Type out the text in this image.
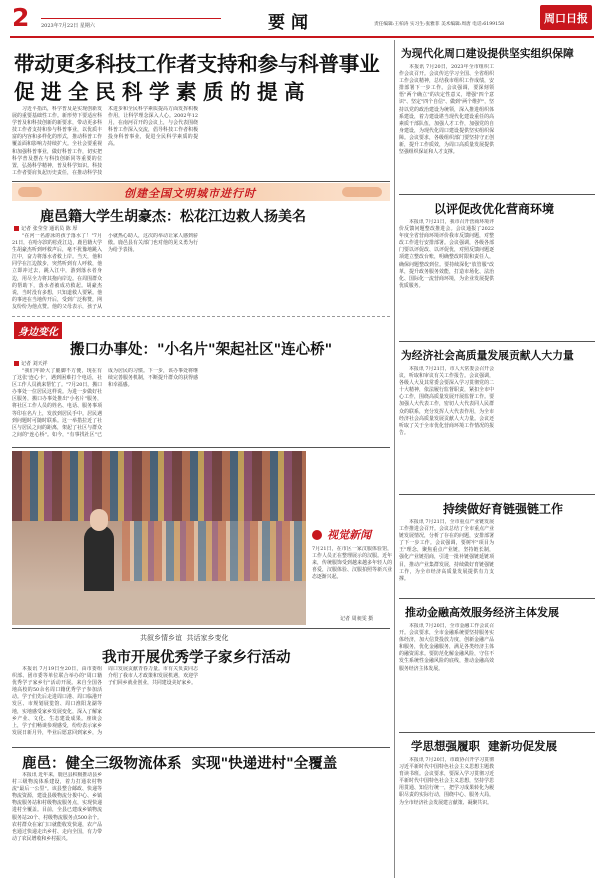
2 2023年7月22日 星期六	要闻	责任编辑:王柏涛 实习生:张雅菲 美术编辑:周唐 电话:6199158	周口日报
带动更多科技工作者支持和参与科普事业
促进全民科学素质的提高

习近平指出，科学普及是实现创新发展的重要基础性工作。新形势下要适应科学普及和科技创新的新要求，带动更多科技工作者支持和参与科普事业，以优质丰富的内容和多样化的形式，推动科普工作覆盖面和影响力持续扩大。全社会要重视和加强科普事业，做好科普工作，切实把科学普及摆在与科技创新同等重要的位置，弘扬科学精神，普及科学知识。科技工作者要肩负起历史责任，在推动科学技术进步和全民科学素质提高方面发挥积极作用，让科学理念深入人心。2002年12月，在南河召开的会议上，与会代表围绕科普工作深入交流，倡导科技工作者积极投身科普事业，促进全民科学素质的提高。

创建全国文明城市进行时
鹿邑籍大学生胡豪杰：松花江边救人扬美名
记者 张莹莹 通讯员 陈 厚

"在河一名游泳的孩子落水了！"7月21日，在哈尔滨的松花江边，鹿邑籍大学生胡豪杰听到呼救声后，毫不犹豫地跳入江中，奋力将落水者救上岸。当天，他和同学在江边散步，突然听到有人呼救，他立即冲过去，跳入江中，游到落水者身边，用尽全力将其拖向岸边。在周围群众的帮助下，落水者被成功救起。胡豪杰说，当时没有多想，只知道救人要紧。他的事迹在当地传开后，受到广泛称赞，网友纷纷为他点赞。他的父母表示，孩子从小就热心助人，这次的举动让家人感到骄傲。鹿邑县有关部门也对他的见义勇为行为给予表扬。

身边变化
搬口办事处："小名片"架起社区"连心桥"
记者 刘天祥

"我们年龄大了腿脚不方便，现在有了这张'连心卡'，遇到困难打个电话，社区工作人员就来帮忙了。"7月20日，搬口办事处一位居民这样说。为进一步做好社区服务，搬口办事处推出"小名片"服务，将社区工作人员的姓名、电话、服务事项等印在名片上，发放到居民手中。居民遇到问题时可随时联系。这一举措拉近了社区与居民之间的距离，架起了社区与群众之间的"连心桥"。如今，"有事找社区"已成为居民的习惯。下一步，该办事处将继续完善服务机制，不断提升群众的获得感和幸福感。

视觉新闻

7月21日，在市区一家汉服体验馆，工作人员正在整理展示的汉服。近年来，传统服饰受到越来越多年轻人的喜爱，汉服体验、汉服拍照等新兴业态逐渐兴起。

记者 周昶雯 摄
共叙乡情乡谊  共话家乡变化
我市开展优秀学子家乡行活动

本报讯 7月19日至20日，由市委组织部、团市委等单位联合举办的"周口籍优秀学子家乡行"活动开展。来自全国各地高校的50余名周口籍优秀学子参加活动。学子们先后走进周口港、周口临港开发区、市规划展览馆、周口淮阳龙湖等地，实地感受家乡发展变化，深入了解家乡产业、文化、生态建设成果。座谈会上，学子们畅谈参观感受，纷纷表示家乡发展日新月异，毕业后愿意回到家乡，为周口发展贡献青春力量。市有关负责同志介绍了我市人才政策和发展机遇，欢迎学子们回乡就业创业，共同建设美好家乡。

鹿邑：健全三级物流体系  实现"快递进村"全覆盖

本报讯 近年来，鹿邑县积极推动县乡村三级物流体系建设，着力打通农村物流"最后一公里"。该县整合邮政、快递等物流资源，建设县级物流分拨中心、乡镇物流服务站和村级物流服务点，实现快递进村全覆盖。目前，全县已建成乡镇物流服务站20个、村级物流服务点500余个。农村群众在家门口就能收发快递，农产品也通过快递走出乡村、走向全国，有力带动了农民增收和乡村振兴。

为现代化周口建设提供坚实组织保障

本报讯 7月20日，2023年全市组织工作会议召开。会议传达学习全国、全省组织工作会议精神，总结我市组织工作成绩，安排部署下一步工作。会议强调，要深刻领悟"两个确立"的决定性意义，增强"四个意识"、坚定"四个自信"、做到"两个维护"，坚持以党的政治建设为统领，深入推进组织体系建设，着力建设堪当现代化建设重任的高素质干部队伍，加强人才工作，加强党的自身建设，为现代化周口建设提供坚实组织保障。会议要求，各级组织部门要坚持守正创新，提升工作质效，为周口高质量发展提供坚强组织保证和人才支撑。

以评促改优化营商环境

本报讯 7月21日，我市召开营商环境评价反馈问题整改推进会。会议通报了2022年度全省营商环境评价我市反馈问题，对整改工作进行安排部署。会议强调，各级各部门要以评促改、以评促优，对照反馈问题逐项建立整改台账，明确整改时限和责任人，确保问题整改到位。要持续深化"放管服"改革，提升政务服务效能，打造市场化、法治化、国际化一流营商环境，为企业发展提供优质服务。

为经济社会高质量发展贡献人大力量

本报讯 7月21日，市人大常委会召开会议，听取和审议有关工作报告。会议强调，各级人大及其常委会要深入学习贯彻党的二十大精神，依法履行监督职责，紧扣全市中心工作，围绕高质量发展开展监督工作。要加强人大代表工作，密切人大代表同人民群众的联系，充分发挥人大代表作用，为全市经济社会高质量发展贡献人大力量。会议还听取了关于全市优化营商环境工作情况的报告。

持续做好育链强链工作

本报讯 7月21日，全市重点产业链发展工作推进会召开。会议总结了全市重点产业链发展情况，分析了存在的问题，安排部署了下一步工作。会议强调，要树牢"项目为王"理念，聚焦重点产业链，坚持链长制，强化产业链招商，引进一批补链强链延链项目，推动产业集群发展，持续做好育链强链工作，为全市经济高质量发展提供有力支撑。

推动金融高效服务经济主体发展

本报讯 7月20日，全市金融工作会议召开。会议要求，全市金融系统要坚持服务实体经济，加大信贷投放力度，创新金融产品和服务，优化金融服务，满足各类经济主体的融资需求。要防范化解金融风险，守住不发生系统性金融风险的底线，推动金融高效服务经济主体发展。

学思想强履职  建新功促发展

本报讯 7月20日，市政协召开学习贯彻习近平新时代中国特色社会主义思想主题教育读书班。会议要求，要深入学习贯彻习近平新时代中国特色社会主义思想，坚持学思用贯通、知信行统一，把学习成果转化为履职尽责的实际行动，围绕中心、服务大局，为全市经济社会发展建言献策、凝聚共识。
